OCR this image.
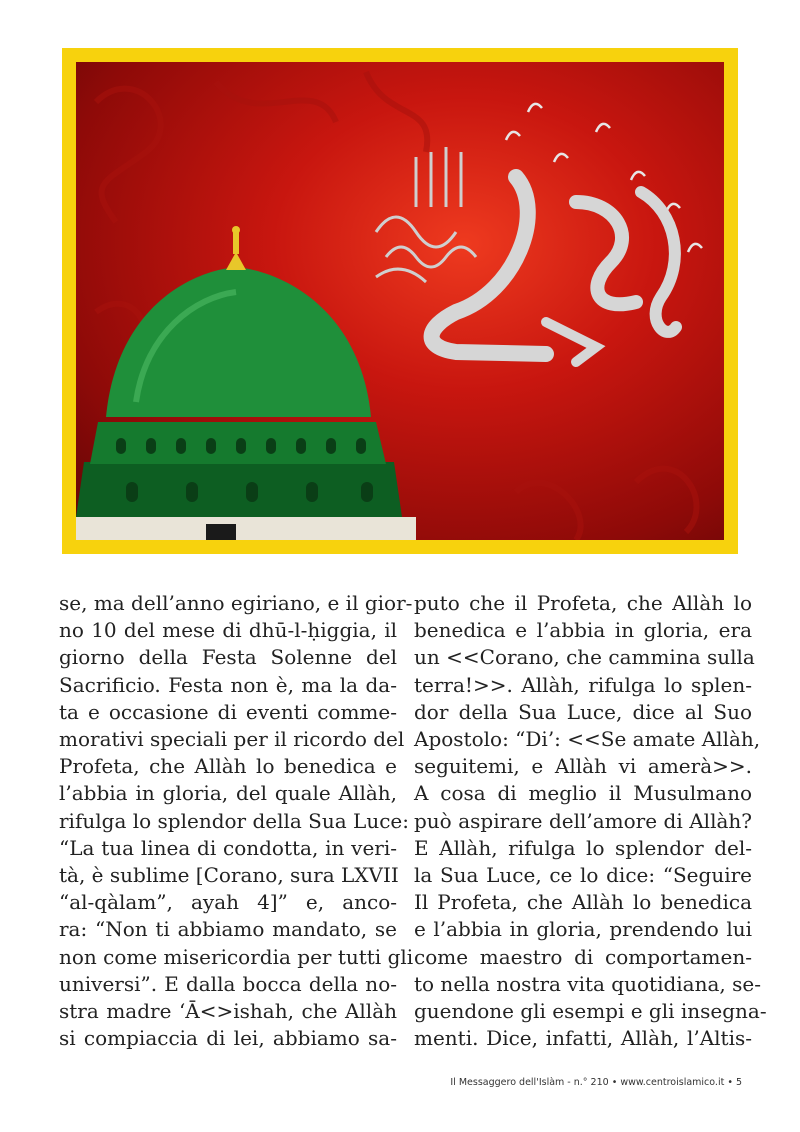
se, ma dell’anno egiriano, e il gior-
no 10 del mese di dhū-l-ḥiggia, il
giorno della Festa Solenne del
Sacrificio. Festa non è, ma la da-
ta e occasione di eventi comme-
morativi speciali per il ricordo del
Profeta, che Allàh lo benedica e
l’abbia in gloria, del quale Allàh,
rifulga lo splendor della Sua Luce:
“La tua linea di condotta, in veri-
tà, è sublime [Corano, sura LXVII
“al-qàlam”, ayah 4]” e, anco-
ra: “Non ti abbiamo mandato, se
non come misericordia per tutti gli
universi”. E dalla bocca della no-
stra madre ‘Ā<>ishah, che Allàh
si compiaccia di lei, abbiamo sa-
puto che il Profeta, che Allàh lo
benedica e l’abbia in gloria, era
un <<Corano, che cammina sulla
terra!>>. Allàh, rifulga lo splen-
dor della Sua Luce, dice al Suo
Apostolo: “Di’: <<Se amate Allàh,
seguitemi, e Allàh vi amerà>>.
A cosa di meglio il Musulmano
può aspirare dell’amore di Allàh?
E Allàh, rifulga lo splendor del-
la Sua Luce, ce lo dice: “Seguire
Il Profeta, che Allàh lo benedica
e l’abbia in gloria, prendendo lui
come maestro di comportamen-
to nella nostra vita quotidiana, se-
guendone gli esempi e gli insegna-
menti. Dice, infatti, Allàh, l’Altis-
Il Messaggero dell'Islàm - n.° 210 • www.centroislamico.it • 5
